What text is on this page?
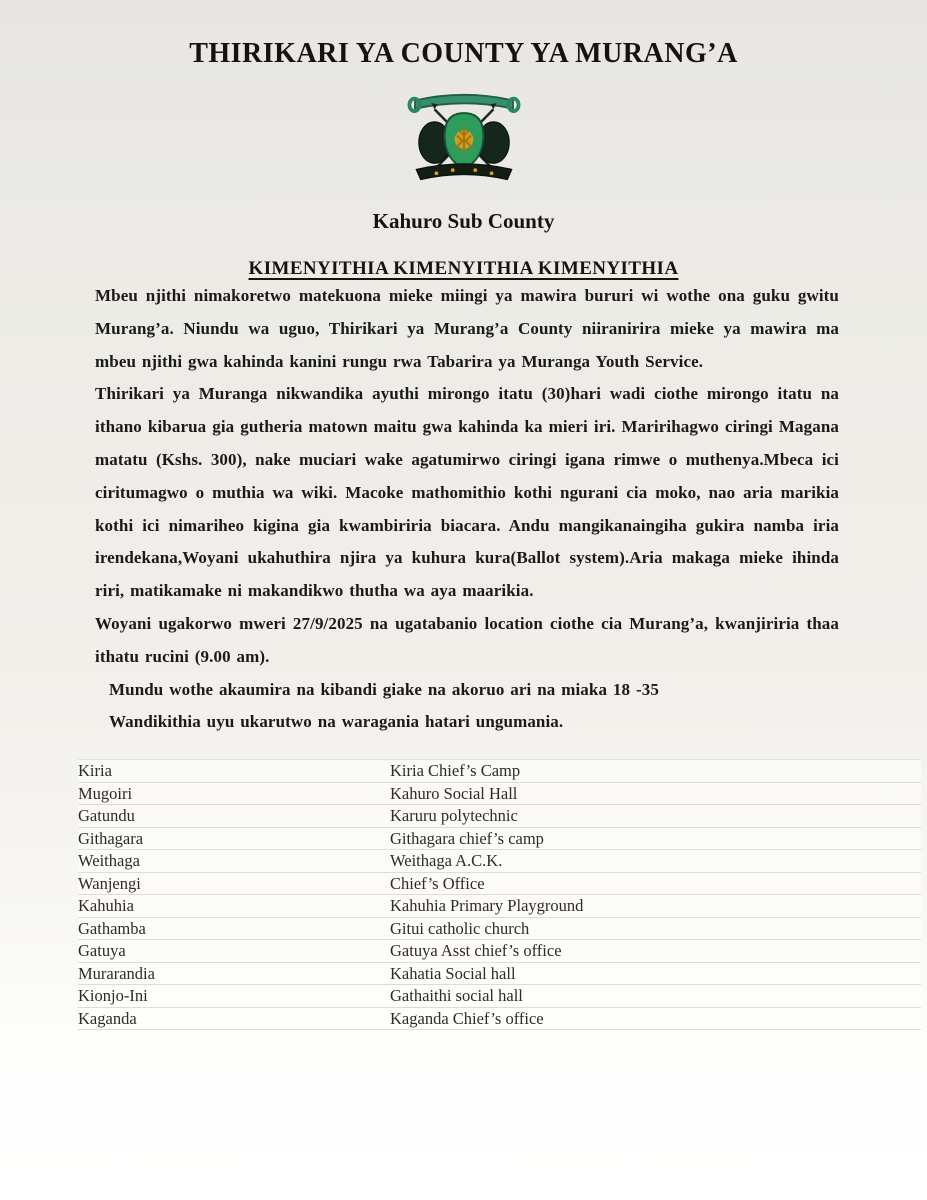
THIRIKARI YA COUNTY YA MURANG’A
Kahuro Sub County
KIMENYITHIA KIMENYITHIA KIMENYITHIA

Mbeu njithi nimakoretwo matekuona mieke miingi ya mawira bururi wi wothe ona guku gwitu Murang’a. Niundu wa uguo, Thirikari ya Murang’a County niiranirira mieke ya mawira ma mbeu njithi gwa kahinda kanini rungu rwa Tabarira ya Muranga Youth Service.

Thirikari ya Muranga nikwandika ayuthi mirongo itatu (30)hari wadi ciothe mirongo itatu na ithano kibarua gia gutheria matown maitu gwa kahinda ka mieri iri. Maririhagwo ciringi Magana matatu (Kshs. 300), nake muciari wake agatumirwo ciringi igana rimwe o muthenya.Mbeca ici ciritumagwo o muthia wa wiki. Macoke mathomithio kothi ngurani cia moko, nao aria marikia kothi ici nimariheo kigina gia kwambiriria biacara. Andu mangikanaingiha gukira namba iria irendekana,Woyani ukahuthira njira ya kuhura kura(Ballot system).Aria makaga mieke ihinda riri, matikamake ni makandikwo thutha wa aya maarikia.

Woyani ugakorwo mweri 27/9/2025 na ugatabanio location ciothe cia Murang’a, kwanjiriria thaa ithatu rucini (9.00 am).

Mundu wothe akaumira na kibandi giake na akoruo ari na miaka 18 -35

Wandikithia uyu ukarutwo na waragania hatari ungumania.

Kiria	Kiria Chief’s Camp
Mugoiri	Kahuro Social Hall
Gatundu	Karuru polytechnic
Githagara	Githagara chief’s camp
Weithaga	Weithaga A.C.K.
Wanjengi	Chief’s Office
Kahuhia	Kahuhia Primary Playground
Gathamba	Gitui catholic church
Gatuya	Gatuya Asst chief’s office
Murarandia	Kahatia Social hall
Kionjo-Ini	Gathaithi social hall
Kaganda	Kaganda Chief’s office
